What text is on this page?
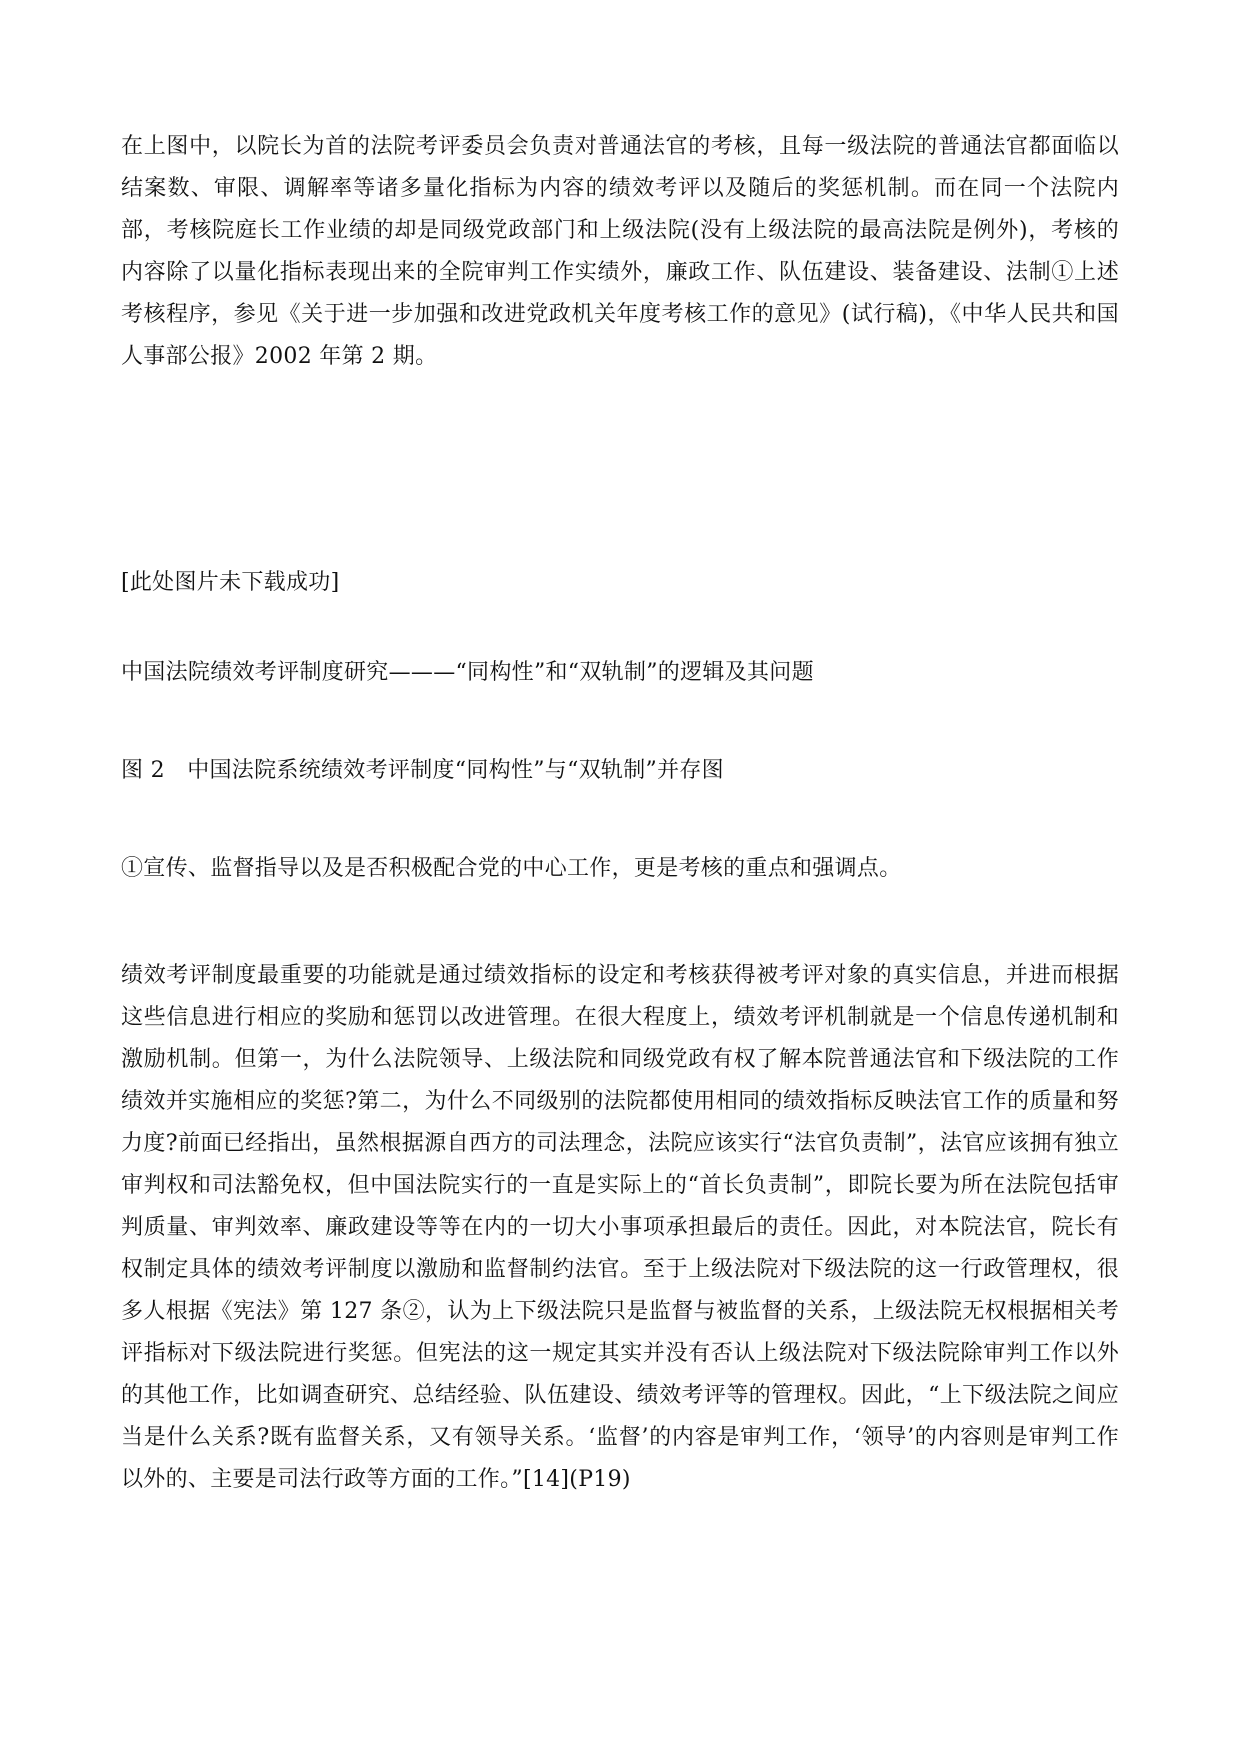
在上图中，以院长为首的法院考评委员会负责对普通法官的考核，且每一级法院的普通法官都面临以结案数、审限、调解率等诸多量化指标为内容的绩效考评以及随后的奖惩机制。而在同一个法院内部，考核院庭长工作业绩的却是同级党政部门和上级法院(没有上级法院的最高法院是例外)，考核的内容除了以量化指标表现出来的全院审判工作实绩外，廉政工作、队伍建设、装备建设、法制①上述考核程序，参见《关于进一步加强和改进党政机关年度考核工作的意见》(试行稿)，《中华人民共和国人事部公报》2002 年第 2 期。

[此处图片未下载成功]

中国法院绩效考评制度研究———“同构性”和“双轨制”的逻辑及其问题

图 2　中国法院系统绩效考评制度“同构性”与“双轨制”并存图

①宣传、监督指导以及是否积极配合党的中心工作，更是考核的重点和强调点。

绩效考评制度最重要的功能就是通过绩效指标的设定和考核获得被考评对象的真实信息，并进而根据这些信息进行相应的奖励和惩罚以改进管理。在很大程度上，绩效考评机制就是一个信息传递机制和激励机制。但第一，为什么法院领导、上级法院和同级党政有权了解本院普通法官和下级法院的工作绩效并实施相应的奖惩?第二，为什么不同级别的法院都使用相同的绩效指标反映法官工作的质量和努力度?前面已经指出，虽然根据源自西方的司法理念，法院应该实行“法官负责制”，法官应该拥有独立审判权和司法豁免权，但中国法院实行的一直是实际上的“首长负责制”，即院长要为所在法院包括审判质量、审判效率、廉政建设等等在内的一切大小事项承担最后的责任。因此，对本院法官，院长有权制定具体的绩效考评制度以激励和监督制约法官。至于上级法院对下级法院的这一行政管理权，很多人根据《宪法》第 127 条②，认为上下级法院只是监督与被监督的关系，上级法院无权根据相关考评指标对下级法院进行奖惩。但宪法的这一规定其实并没有否认上级法院对下级法院除审判工作以外的其他工作，比如调查研究、总结经验、队伍建设、绩效考评等的管理权。因此，“上下级法院之间应当是什么关系?既有监督关系，又有领导关系。‘监督’的内容是审判工作，‘领导’的内容则是审判工作以外的、主要是司法行政等方面的工作。”[14](P19)
